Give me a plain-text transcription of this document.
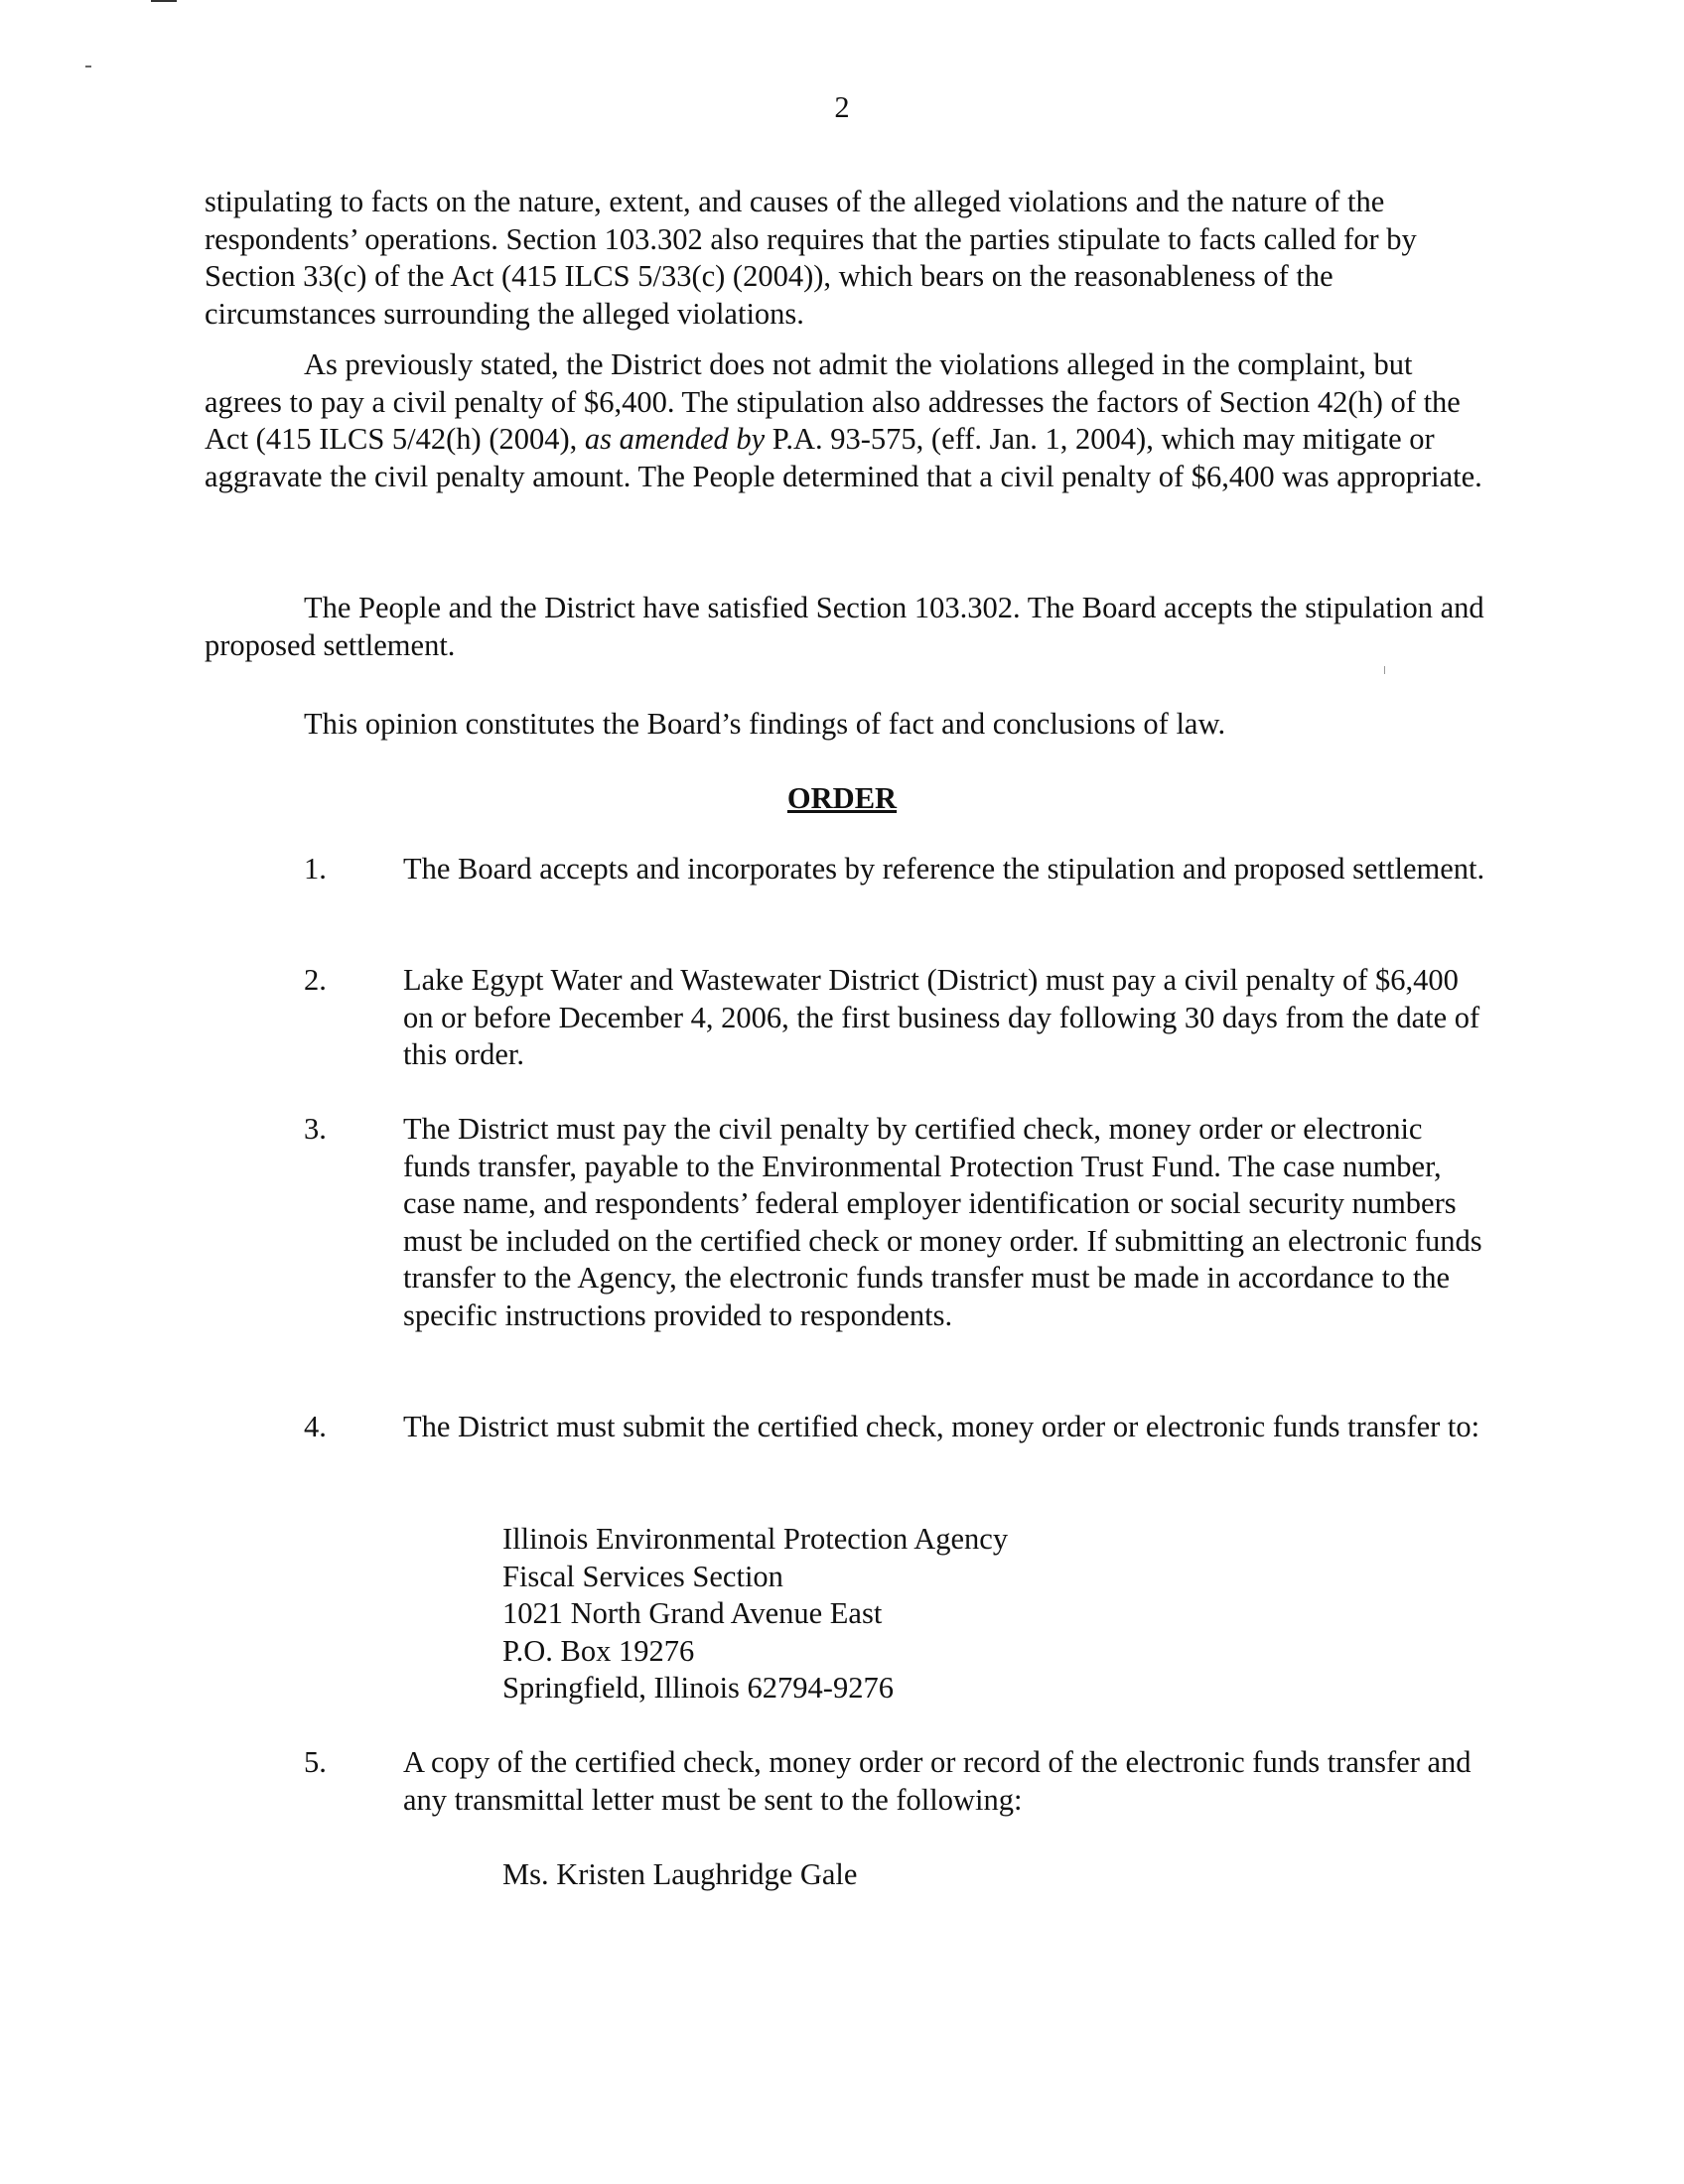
2

stipulating to facts on the nature, extent, and causes of the alleged violations and the nature of the respondents’ operations. Section 103.302 also requires that the parties stipulate to facts called for by Section 33(c) of the Act (415 ILCS 5/33(c) (2004)), which bears on the reasonableness of the circumstances surrounding the alleged violations.

As previously stated, the District does not admit the violations alleged in the complaint, but agrees to pay a civil penalty of $6,400. The stipulation also addresses the factors of Section 42(h) of the Act (415 ILCS 5/42(h) (2004), as amended by P.A. 93-575, (eff. Jan. 1, 2004), which may mitigate or aggravate the civil penalty amount. The People determined that a civil penalty of $6,400 was appropriate.

The People and the District have satisfied Section 103.302. The Board accepts the stipulation and proposed settlement.

This opinion constitutes the Board’s findings of fact and conclusions of law.

ORDER

1.	The Board accepts and incorporates by reference the stipulation and proposed settlement.
2.	Lake Egypt Water and Wastewater District (District) must pay a civil penalty of $6,400 on or before December 4, 2006, the first business day following 30 days from the date of this order.
3.	The District must pay the civil penalty by certified check, money order or electronic funds transfer, payable to the Environmental Protection Trust Fund. The case number, case name, and respondents’ federal employer identification or social security numbers must be included on the certified check or money order. If submitting an electronic funds transfer to the Agency, the electronic funds transfer must be made in accordance to the specific instructions provided to respondents.
4.	The District must submit the certified check, money order or electronic funds transfer to:
Illinois Environmental Protection Agency
Fiscal Services Section
1021 North Grand Avenue East
P.O. Box 19276
Springfield, Illinois 62794-9276
5.	A copy of the certified check, money order or record of the electronic funds transfer and any transmittal letter must be sent to the following:
Ms. Kristen Laughridge Gale
